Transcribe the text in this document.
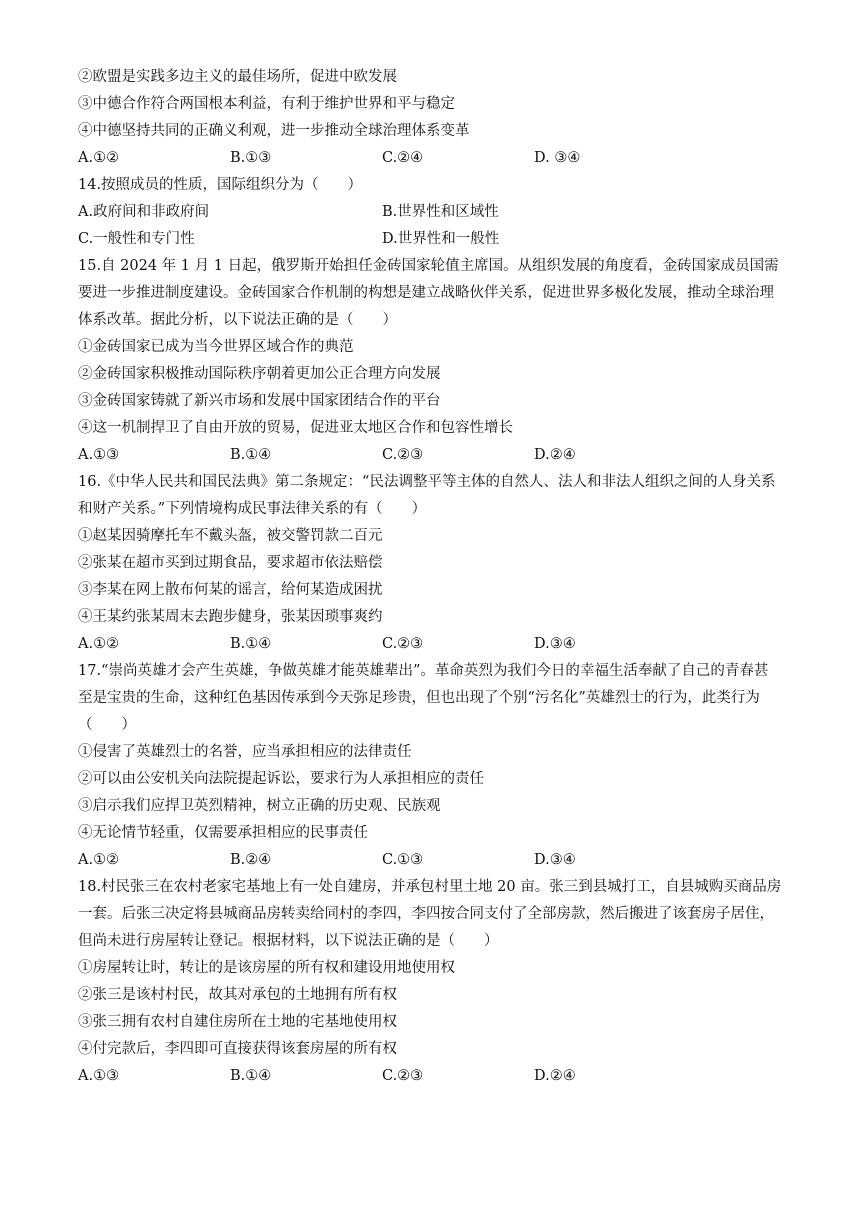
②欧盟是实践多边主义的最佳场所，促进中欧发展
③中德合作符合两国根本利益，有利于维护世界和平与稳定
④中德坚持共同的正确义利观，进一步推动全球治理体系变革
A.①②	B.①③	C.②④	D. ③④
14.按照成员的性质，国际组织分为（　　）
A.政府间和非政府间	B.世界性和区域性
C.一般性和专门性	D.世界性和一般性
15.自 2024 年 1 月 1 日起，俄罗斯开始担任金砖国家轮值主席国。从组织发展的角度看，金砖国家成员国需要进一步推进制度建设。金砖国家合作机制的构想是建立战略伙伴关系，促进世界多极化发展，推动全球治理体系改革。据此分析，以下说法正确的是（　　）
①金砖国家已成为当今世界区域合作的典范
②金砖国家积极推动国际秩序朝着更加公正合理方向发展
③金砖国家铸就了新兴市场和发展中国家团结合作的平台
④这一机制捍卫了自由开放的贸易，促进亚太地区合作和包容性增长
A.①③	B.①④	C.②③	D.②④
16.《中华人民共和国民法典》第二条规定：“民法调整平等主体的自然人、法人和非法人组织之间的人身关系和财产关系。”下列情境构成民事法律关系的有（　　）
①赵某因骑摩托车不戴头盔，被交警罚款二百元
②张某在超市买到过期食品，要求超市依法赔偿
③李某在网上散布何某的谣言，给何某造成困扰
④王某约张某周末去跑步健身，张某因琐事爽约
A.①②	B.①④	C.②③	D.③④
17.“崇尚英雄才会产生英雄，争做英雄才能英雄辈出”。革命英烈为我们今日的幸福生活奉献了自己的青春甚至是宝贵的生命，这种红色基因传承到今天弥足珍贵，但也出现了个别“污名化”英雄烈士的行为，此类行为（　　）
①侵害了英雄烈士的名誉，应当承担相应的法律责任
②可以由公安机关向法院提起诉讼，要求行为人承担相应的责任
③启示我们应捍卫英烈精神，树立正确的历史观、民族观
④无论情节轻重，仅需要承担相应的民事责任
A.①②	B.②④	C.①③	D.③④
18.村民张三在农村老家宅基地上有一处自建房，并承包村里土地 20 亩。张三到县城打工，自县城购买商品房一套。后张三决定将县城商品房转卖给同村的李四，李四按合同支付了全部房款，然后搬进了该套房子居住，但尚未进行房屋转让登记。根据材料，以下说法正确的是（　　）
①房屋转让时，转让的是该房屋的所有权和建设用地使用权
②张三是该村村民，故其对承包的土地拥有所有权
③张三拥有农村自建住房所在土地的宅基地使用权
④付完款后，李四即可直接获得该套房屋的所有权
A.①③	B.①④	C.②③	D.②④
